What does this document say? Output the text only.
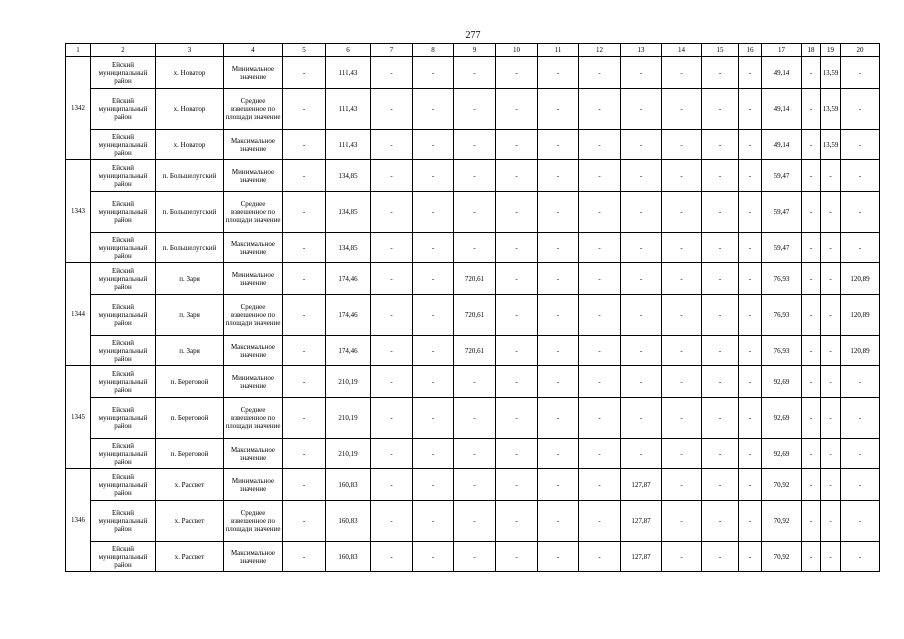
277
1	2	3	4	5	6	7	8	9	10	11	12	13	14	15	16	17	18	19	20
1342	Ейский муниципальный район	х. Новатор	Минимальное значение	-	111,43	-	-	-	-	-	-	-	-	-	-	49,14	-	13,59	-
	Ейский муниципальный район	х. Новатор	Среднее взвешенное по площади значение	-	111,43	-	-	-	-	-	-	-	-	-	-	49,14	-	13,59	-
	Ейский муниципальный район	х. Новатор	Максимальное значение	-	111,43	-	-	-	-	-	-	-	-	-	-	49,14	-	13,59	-
1343	Ейский муниципальный район	п. Большелугский	Минимальное значение	-	134,85	-	-	-	-	-	-	-	-	-	-	59,47	-	-	-
	Ейский муниципальный район	п. Большелугский	Среднее взвешенное по площади значение	-	134,85	-	-	-	-	-	-	-	-	-	-	59,47	-	-	-
	Ейский муниципальный район	п. Большелугский	Максимальное значение	-	134,85	-	-	-	-	-	-	-	-	-	-	59,47	-	-	-
1344	Ейский муниципальный район	п. Заря	Минимальное значение	-	174,46	-	-	720,61	-	-	-	-	-	-	-	76,93	-	-	120,89
	Ейский муниципальный район	п. Заря	Среднее взвешенное по площади значение	-	174,46	-	-	720,61	-	-	-	-	-	-	-	76,93	-	-	120,89
	Ейский муниципальный район	п. Заря	Максимальное значение	-	174,46	-	-	720,61	-	-	-	-	-	-	-	76,93	-	-	120,89
1345	Ейский муниципальный район	п. Береговой	Минимальное значение	-	210,19	-	-	-	-	-	-	-	-	-	-	92,69	-	-	-
	Ейский муниципальный район	п. Береговой	Среднее взвешенное по площади значение	-	210,19	-	-	-	-	-	-	-	-	-	-	92,69	-	-	-
	Ейский муниципальный район	п. Береговой	Максимальное значение	-	210,19	-	-	-	-	-	-	-	-	-	-	92,69	-	-	-
1346	Ейский муниципальный район	х. Рассвет	Минимальное значение	-	160,83	-	-	-	-	-	-	127,87	-	-	-	70,92	-	-	-
	Ейский муниципальный район	х. Рассвет	Среднее взвешенное по площади значение	-	160,83	-	-	-	-	-	-	127,87	-	-	-	70,92	-	-	-
	Ейский муниципальный район	х. Рассвет	Максимальное значение	-	160,83	-	-	-	-	-	-	127,87	-	-	-	70,92	-	-	-
